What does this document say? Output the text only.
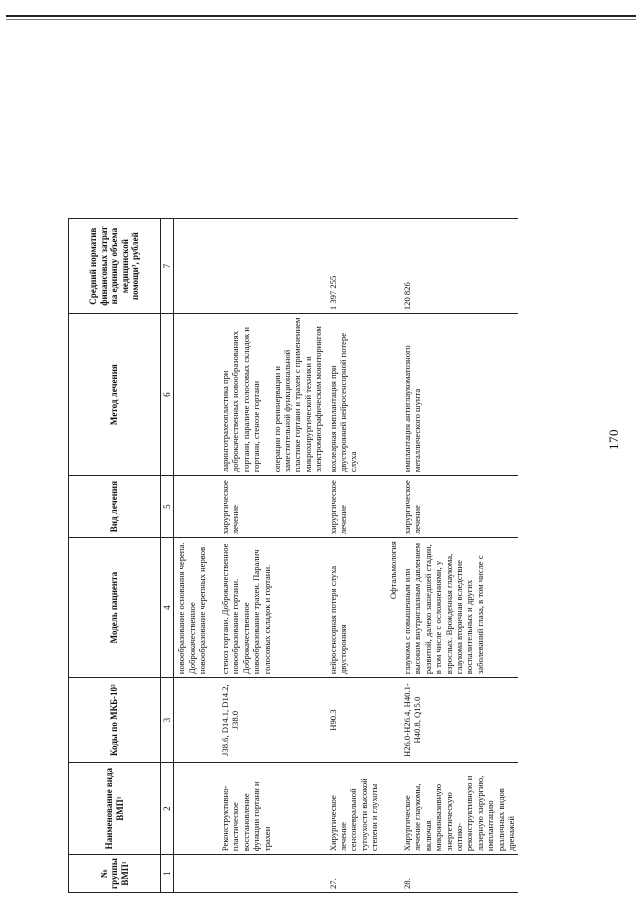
170
№ группы ВМП¹	Наименование вида ВМП¹	Коды по МКБ-10²	Модель пациента	Вид лечения	Метод лечения	Средний норматив финансовых затрат на единицу объема медицинской помощи³, рублей
1	2	3	4	5	6	7
			новообразование основания черепа. Доброкачественное новообразование черепных нервов			
	Реконструктивно-пластическое восстановление функции гортани и трахеи	J38.6, D14.1, D14.2, J38.0	стеноз гортани. Доброкачественное новообразование гортани. Доброкачественное новообразование трахеи. Паралич голосовых складок и гортани.	хирургическое лечение	ларинготрахеопластика при доброкачественных новообразованиях гортани, параличе голосовых складок и гортани, стенозе гортани операции по реиннервации и заместительной функциональной пластике гортани и трахеи с применением микрохирургической техники и электромиографическим мониторингом	

27.	Хирургическое лечение сенсоневральной тугоухости высокой степени и глухоты	H90.3	нейросенсорная потеря слуха двусторонняя	хирургическое лечение	кохлеарная имплантация при двусторонней нейросенсорной потере слуха	1 397 255
			Офтальмология			
28.	Хирургическое лечение глаукомы, включая микроинвазивную энергетическую оптико-реконструктивную и лазерную хирургию, имплантацию различных видов дренажей	H26.0-H26.4, H40.1-H40.8, Q15.0	глаукома с повышенным или высоким внутриглазным давлением развитой, далеко зашедшей стадии, в том числе с осложнениями, у взрослых. Врожденная глаукома, глаукома вторичная вследствие воспалительных и других заболеваний глаза, в том числе с	хирургическое лечение	имплантация антиглаукоматозного металлического шунта	120 826
